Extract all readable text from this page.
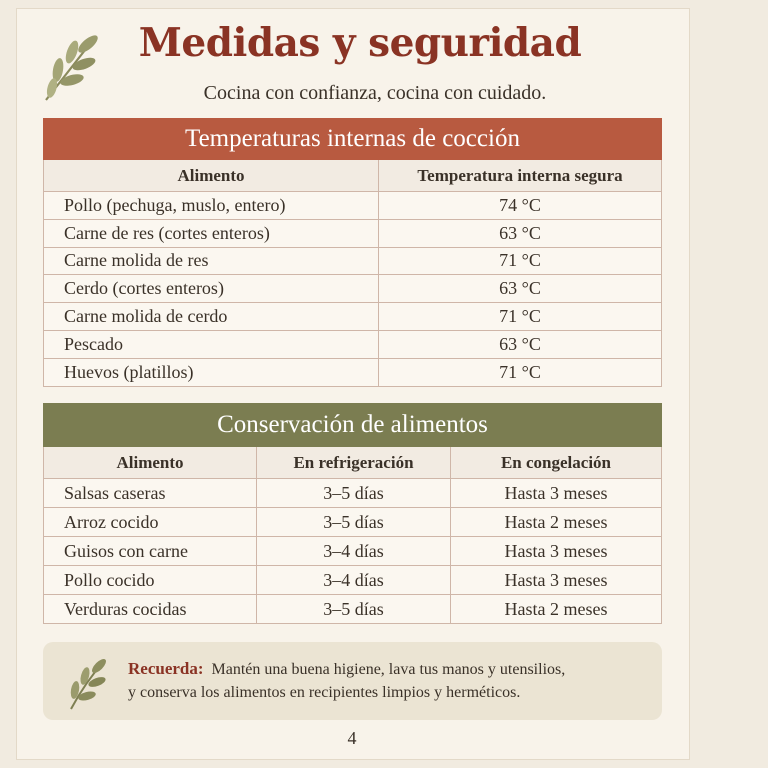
Medidas y seguridad
Cocina con confianza, cocina con cuidado.
Temperaturas internas de cocción	
Alimento	Temperatura interna segura
Pollo (pechuga, muslo, entero)	74 °C
Carne de res (cortes enteros)	63 °C
Carne molida de res	71 °C
Cerdo (cortes enteros)	63 °C
Carne molida de cerdo	71 °C
Pescado	63 °C
Huevos (platillos)	71 °C
Conservación de alimentos		
Alimento	En refrigeración	En congelación
Salsas caseras	3–5 días	Hasta 3 meses
Arroz cocido	3–5 días	Hasta 2 meses
Guisos con carne	3–4 días	Hasta 3 meses
Pollo cocido	3–4 días	Hasta 3 meses
Verduras cocidas	3–5 días	Hasta 2 meses
Recuerda: Mantén una buena higiene, lava tus manos y utensilios,
y conserva los alimentos en recipientes limpios y herméticos.
4
